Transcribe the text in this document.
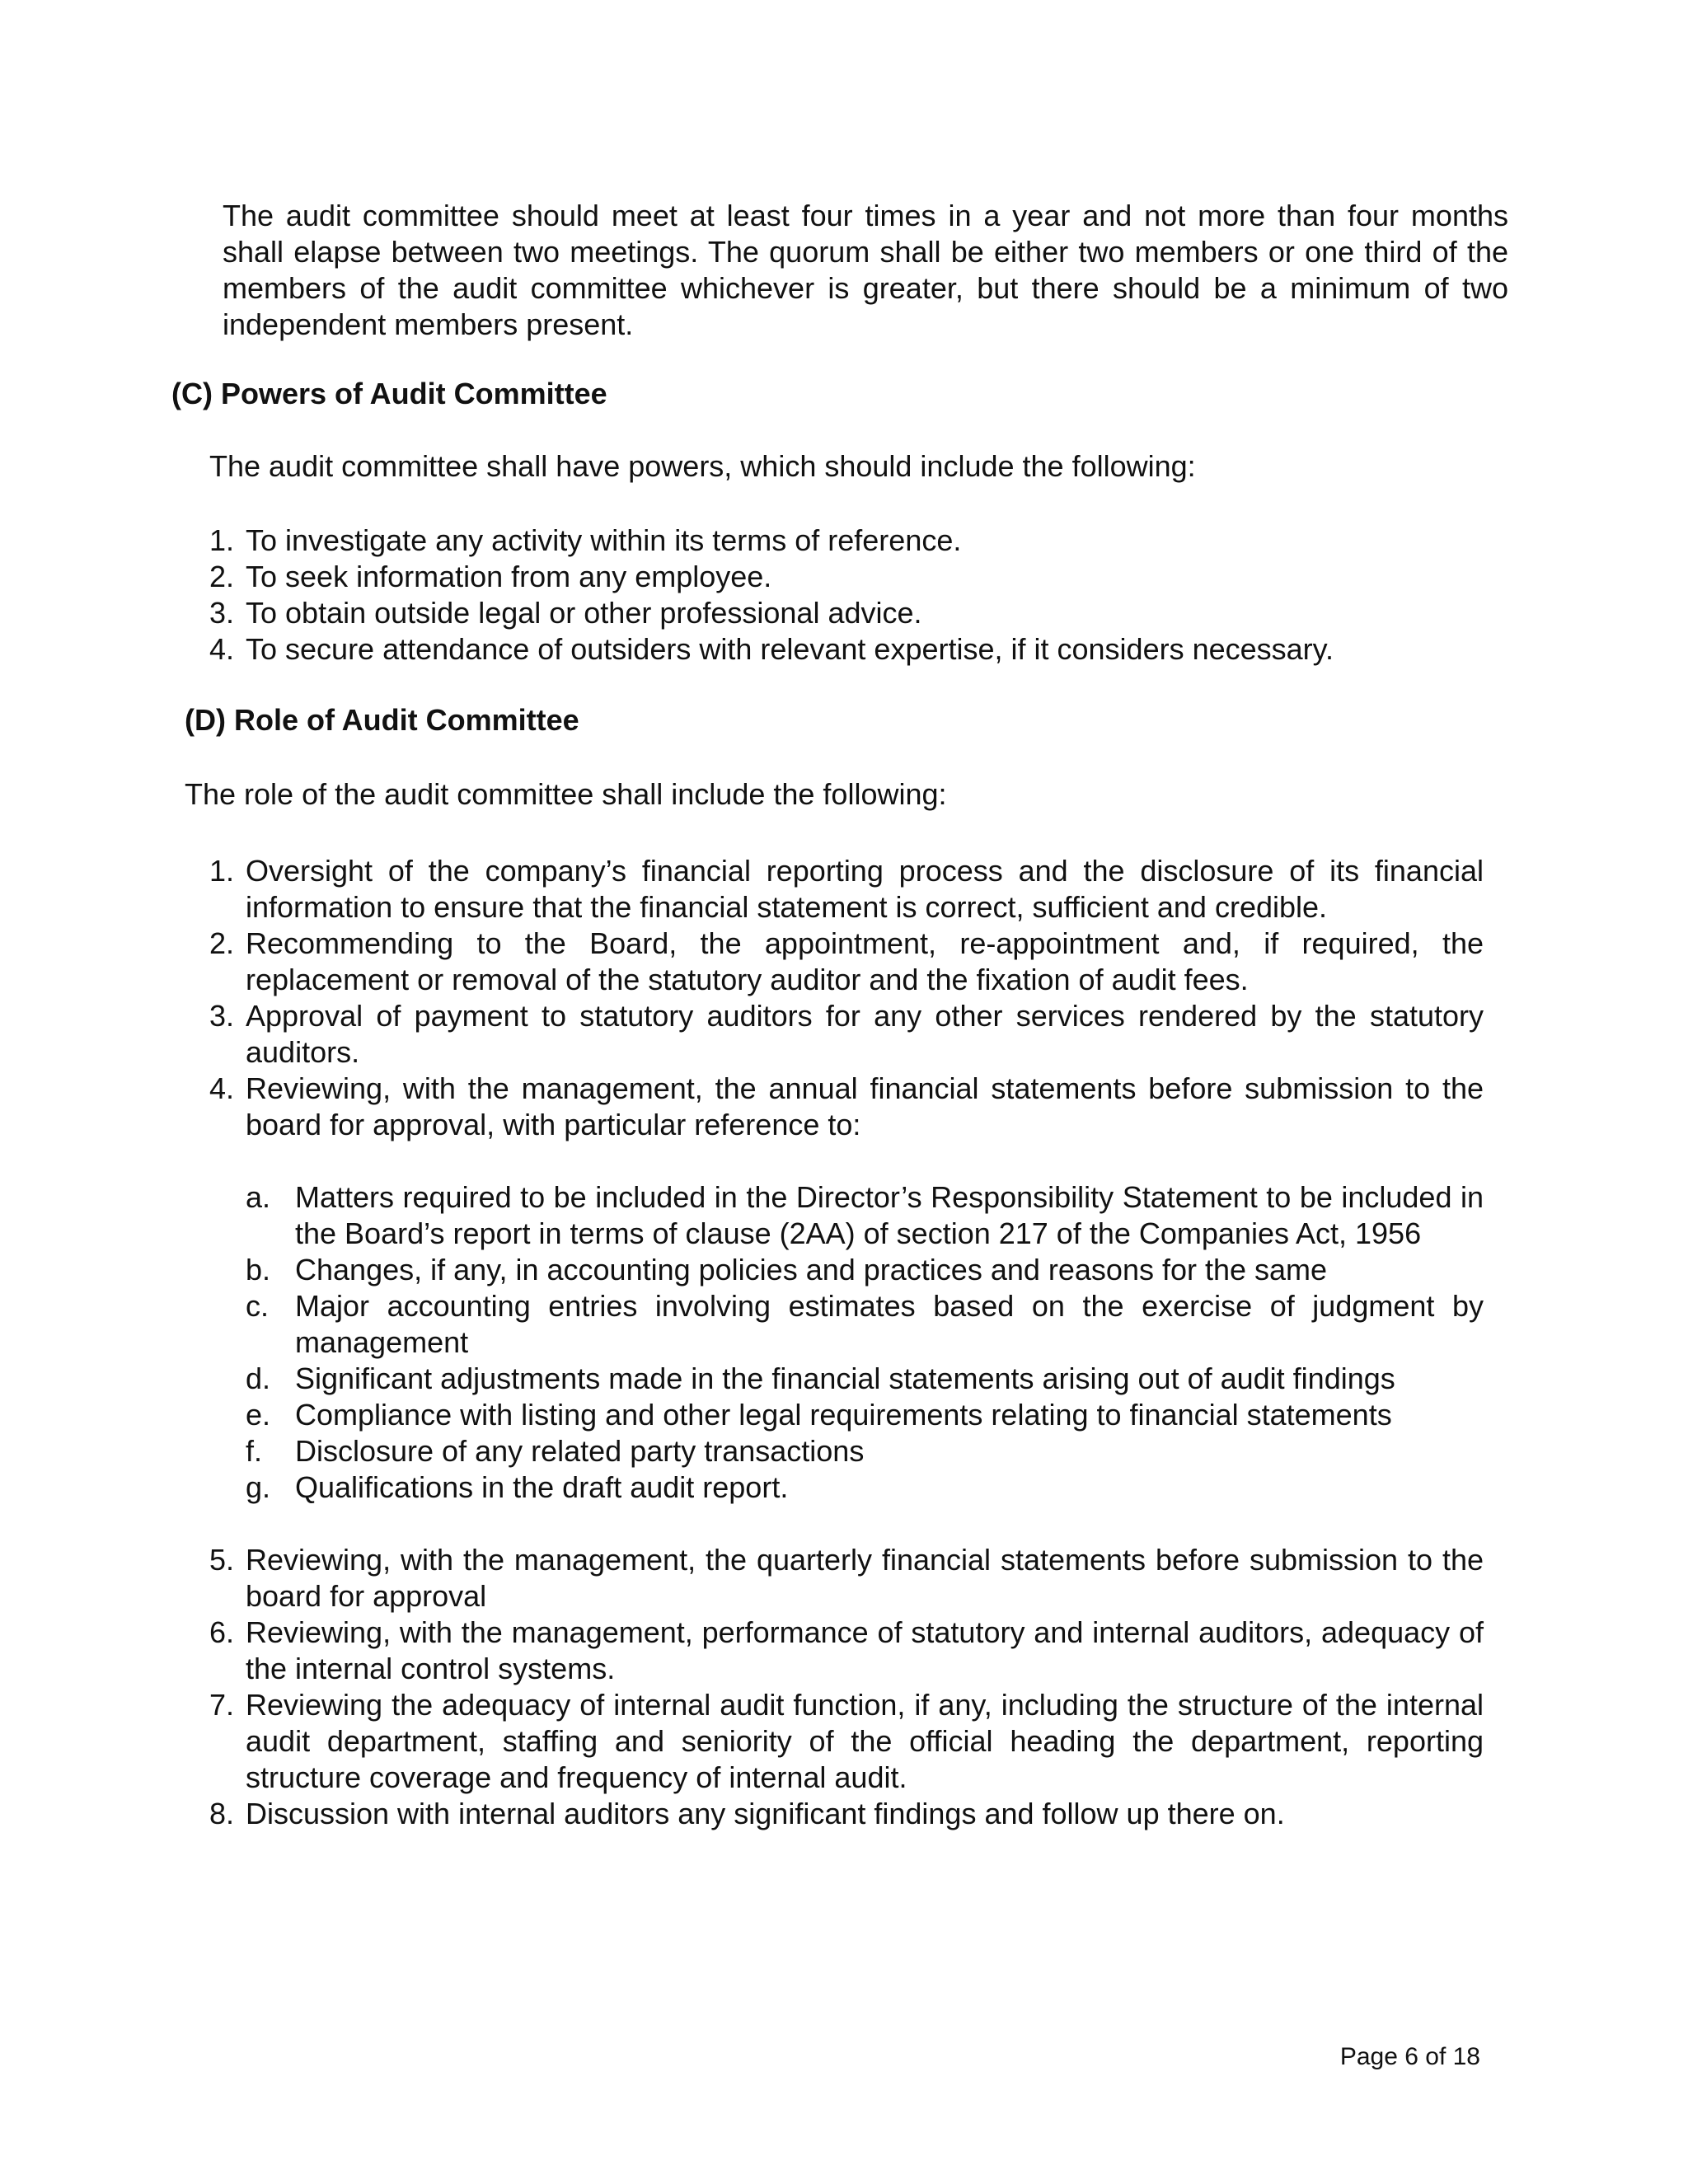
The audit committee should meet at least four times in a year and not more than four months shall elapse between two meetings. The quorum shall be either two members or one third of the members of the audit committee whichever is greater, but there should be a minimum of two independent members present.

(C) Powers of Audit Committee

The audit committee shall have powers, which should include the following:

1. To investigate any activity within its terms of reference.
2. To seek information from any employee.
3. To obtain outside legal or other professional advice.
4. To secure attendance of outsiders with relevant expertise, if it considers necessary.
(D) Role of Audit Committee

The role of the audit committee shall include the following:

1. Oversight of the company’s financial reporting process and the disclosure of its financial information to ensure that the financial statement is correct, sufficient and credible.
2. Recommending to the Board, the appointment, re-appointment and, if required, the replacement or removal of the statutory auditor and the fixation of audit fees.
3. Approval of payment to statutory auditors for any other services rendered by the statutory auditors.
4. Reviewing, with the management, the annual financial statements before submission to the board for approval, with particular reference to:
a. Matters required to be included in the Director’s Responsibility Statement to be included in the Board’s report in terms of clause (2AA) of section 217 of the Companies Act, 1956
b. Changes, if any, in accounting policies and practices and reasons for the same
c. Major accounting entries involving estimates based on the exercise of judgment by management
d. Significant adjustments made in the financial statements arising out of audit findings
e. Compliance with listing and other legal requirements relating to financial statements
f. Disclosure of any related party transactions
g. Qualifications in the draft audit report.
5. Reviewing, with the management, the quarterly financial statements before submission to the board for approval
6. Reviewing, with the management, performance of statutory and internal auditors, adequacy of the internal control systems.
7. Reviewing the adequacy of internal audit function, if any, including the structure of the internal audit department, staffing and seniority of the official heading the department, reporting structure coverage and frequency of internal audit.
8. Discussion with internal auditors any significant findings and follow up there on.

Page 6 of 18
